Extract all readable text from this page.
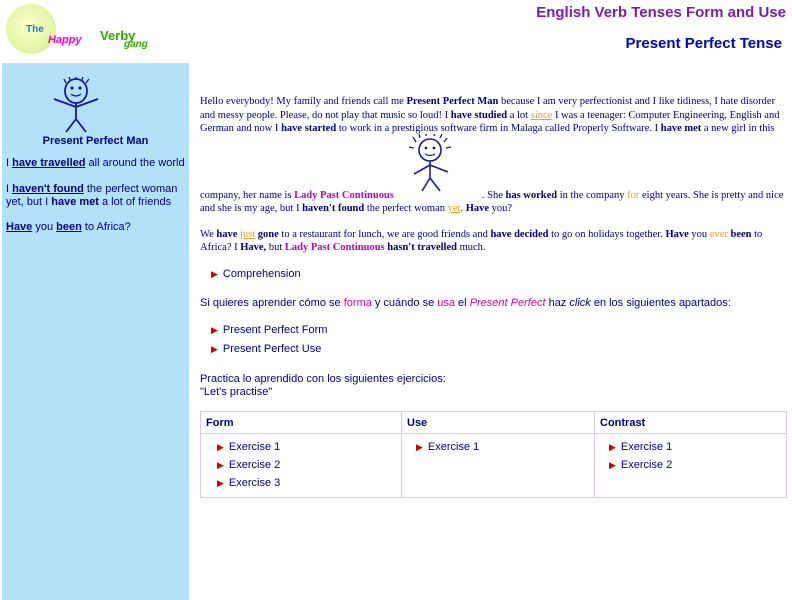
The
Happy Verby
gang
English Verb Tenses Form and Use
Present Perfect Tense
Present Perfect Man
I have travelled all around the world
I haven't found the perfect woman
yet, but I have met a lot of friends
Have you been to Africa?

Hello everybody! My family and friends call me Present Perfect Man because I am very perfectionist and I like tidiness, I hate disorder and messy people. Please, do not play that music so loud! I have studied a lot since I was a teenager: Computer Engineering, English and German and now I have started to work in a prestigious software firm in Malaga called Properly Software. I have met a new girl in this

company, her name is Lady Past Continuous	. She has worked in the company for eight years. She is pretty and nice and she is my age, but I haven't found the perfect woman yet. Have you?

We have just gone to a restaurant for lunch, we are good friends and have decided to go on holidays together. Have you ever been to Africa? I Have, but Lady Past Continuous hasn't travelled much.

▶ Comprehension
Si quieres aprender cómo se forma y cuándo se usa el Present Perfect haz click en los siguientes apartados:
▶ Present Perfect Form
▶ Present Perfect Use
Practica lo aprendido con los siguientes ejercicios:
"Let's practise"
Form
▶ Exercise 1
▶ Exercise 2
▶ Exercise 3
Use
▶ Exercise 1
Contrast
▶ Exercise 1
▶ Exercise 2
